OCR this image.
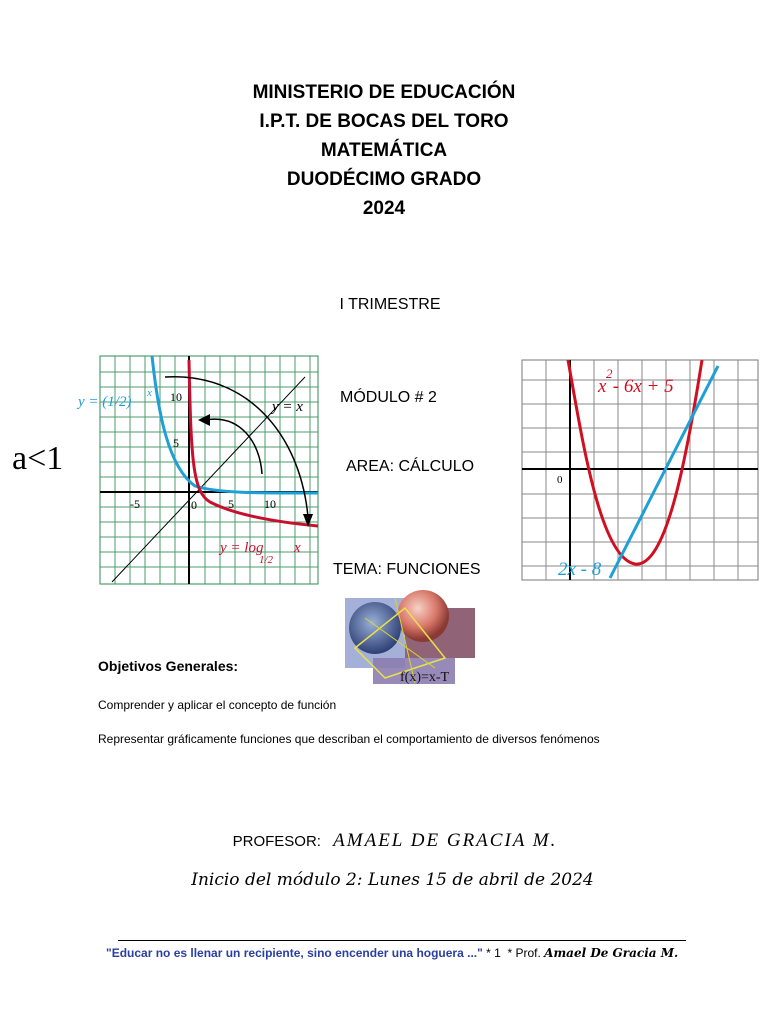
MINISTERIO DE EDUCACIÓN
I.P.T. DE BOCAS DEL TORO
MATEMÁTICA
DUODÉCIMO GRADO
2024
I TRIMESTRE
a<1
y = (1/2)
x
y = x
y = log
1/2
x
10
5
-5	0	5	10
MÓDULO # 2
AREA: CÁLCULO
TEMA: FUNCIONES
0
x
2
- 6x + 5
2x - 8
f(x)=x-T
Objetivos Generales:
Comprender y aplicar el concepto de función
Representar gráficamente funciones que describan el comportamiento de diversos fenómenos
PROFESOR: AMAEL DE GRACIA M.
Inicio del módulo 2: Lunes 15 de abril de 2024
"Educar no es llenar un recipiente, sino encender una hoguera ..." * 1  * Prof. Amael De Gracia M.
